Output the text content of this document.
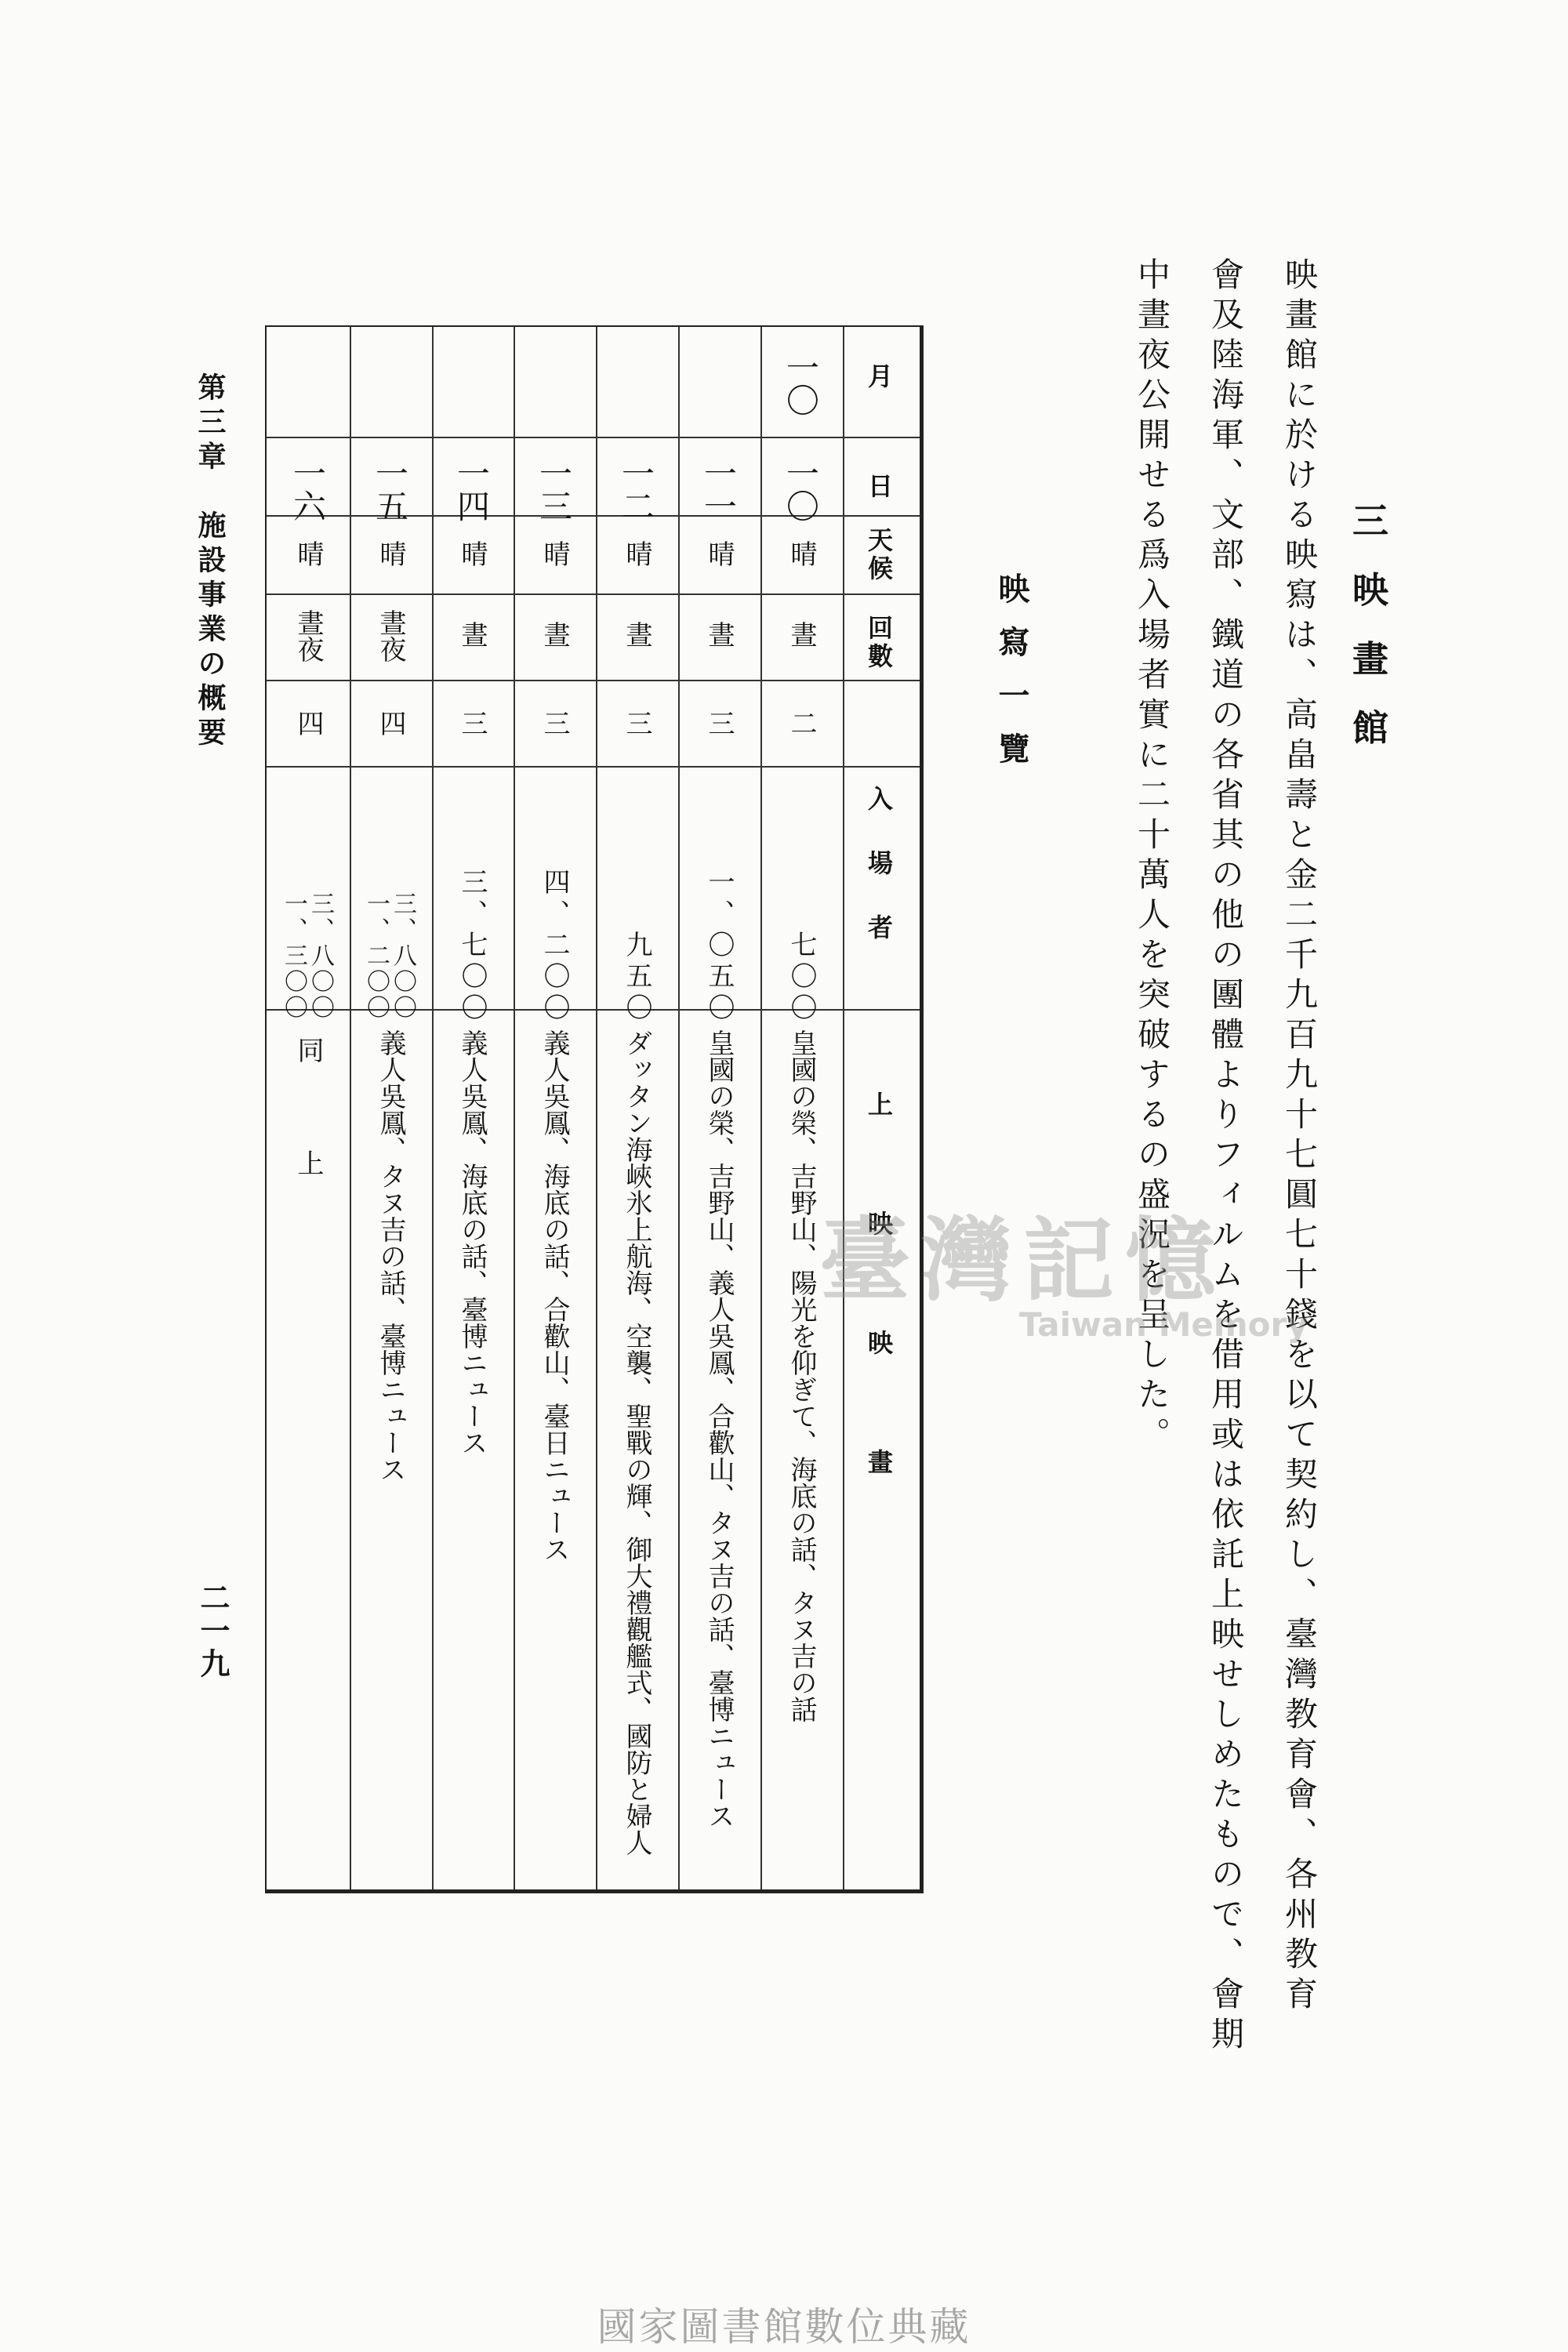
三映畫館
映畫館に於ける映寫は、高畠壽と金二千九百九十七圓七十錢を以て契約し、臺灣教育會、各州教育
會及陸海軍、文部、鐵道の各省其の他の團體よりフィルムを借用或は依託上映せしめたもので、會期
中晝夜公開せる爲入場者實に二十萬人を突破するの盛況を呈した。
映寫一覽
月
日
天候
回數
入場者
上映映畫
一〇
一〇
晴
晝
二
七〇〇
皇國の榮、吉野山、陽光を仰ぎて、海底の話、タヌ吉の話
一一
晴
晝
三
一、〇五〇
皇國の榮、吉野山、義人吳鳳、合歡山、タヌ吉の話、臺博ニュース
一二
晴
晝
三
九五〇
ダッタン海峽氷上航海、空襲、聖戰の輝、御大禮觀艦式、國防と婦人
一三
晴
晝
三
四、二〇〇
義人吳鳳、海底の話、合歡山、臺日ニュース
一四
晴
晝
三
三、七〇〇
義人吳鳳、海底の話、臺博ニュース
一五
晴
晝夜
四
三、八〇〇
一、二〇〇
義人吳鳳、タヌ吉の話、臺博ニュース
一六
晴
晝夜
四
三、八〇〇
一、三〇〇
同上
第三章　施設事業の概要
二一九
臺灣記憶
Taiwan Memory
國家圖書館數位典藏
